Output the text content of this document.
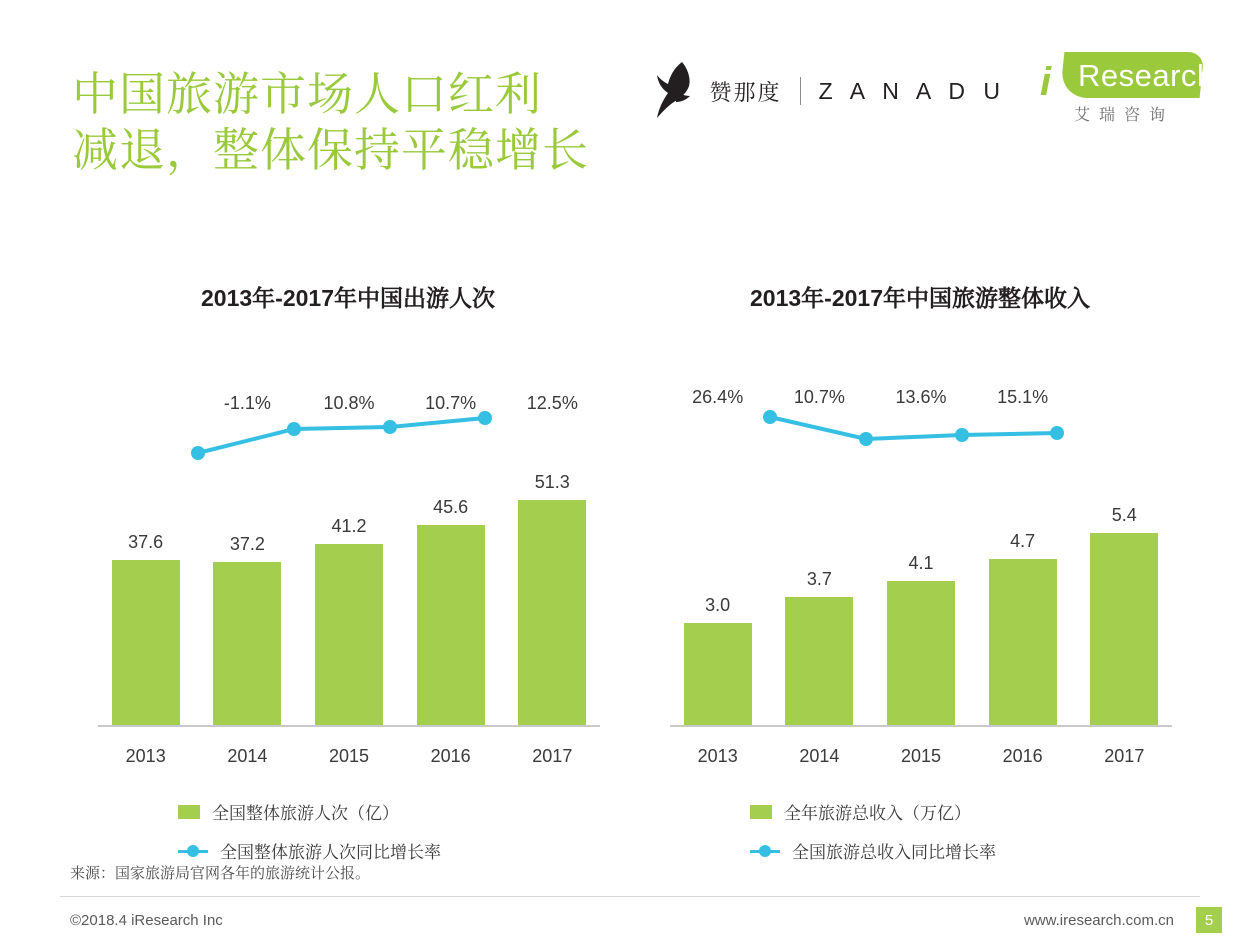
中国旅游市场人口红利
减退，整体保持平稳增长
赞那度 Z A N A D U i Research
艾瑞咨询
2013年-2017年中国出游人次
-1.1%	10.8%	10.7%	12.5%
37.6	37.2
41.2
45.6
51.3
2013	2014	2015	2016	2017
全国整体旅游人次（亿）
全国整体旅游人次同比增长率
2013年-2017年中国旅游整体收入
26.4%	10.7%	13.6%	15.1%
3.0
3.7
4.1
4.7
5.4
2013	2014	2015	2016	2017
全年旅游总收入（万亿）
全国旅游总收入同比增长率
来源：国家旅游局官网各年的旅游统计公报。
©2018.4 iResearch Inc	www.iresearch.com.cn	5
